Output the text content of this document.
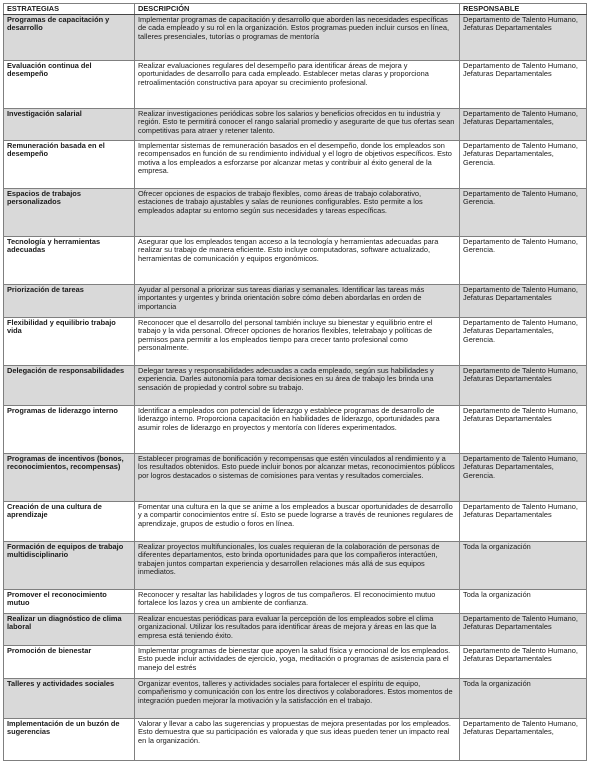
ESTRATEGIAS	DESCRIPCIÓN	RESPONSABLE
Programas de capacitación y desarrollo	Implementar programas de capacitación y desarrollo que aborden las necesidades específicas de cada empleado y su rol en la organización. Estos programas pueden incluir cursos en línea, talleres presenciales, tutorías o programas de mentoría	Departamento de Talento Humano, Jefaturas Departamentales
Evaluación continua del desempeño	Realizar evaluaciones regulares del desempeño para identificar áreas de mejora y oportunidades de desarrollo para cada empleado. Establecer metas claras y proporciona retroalimentación constructiva para apoyar su crecimiento profesional.	Departamento de Talento Humano, Jefaturas Departamentales
Investigación salarial	Realizar investigaciones periódicas sobre los salarios y beneficios ofrecidos en tu industria y región. Esto te permitirá conocer el rango salarial promedio y asegurarte de que tus ofertas sean competitivas para atraer y retener talento.	Departamento de Talento Humano, Jefaturas Departamentales,
Remuneración basada en el desempeño	Implementar sistemas de remuneración basados en el desempeño, donde los empleados son recompensados en función de su rendimiento individual y el logro de objetivos específicos. Esto motiva a los empleados a esforzarse por alcanzar metas y contribuir al éxito general de la empresa.	Departamento de Talento Humano, Jefaturas Departamentales, Gerencia.
Espacios de trabajos personalizados	Ofrecer opciones de espacios de trabajo flexibles, como áreas de trabajo colaborativo, estaciones de trabajo ajustables y salas de reuniones configurables. Esto permite a los empleados adaptar su entorno según sus necesidades y tareas específicas.	Departamento de Talento Humano, Gerencia.
Tecnología y herramientas adecuadas	Asegurar que los empleados tengan acceso a la tecnología y herramientas adecuadas para realizar su trabajo de manera eficiente. Esto incluye computadoras, software actualizado, herramientas de comunicación y equipos ergonómicos.	Departamento de Talento Humano, Gerencia.
Priorización de tareas	Ayudar al personal a priorizar sus tareas diarias y semanales. Identificar las tareas más importantes y urgentes y brinda orientación sobre cómo deben abordarlas en orden de importancia	Departamento de Talento Humano, Jefaturas Departamentales
Flexibilidad y equilibrio trabajo vida	Reconocer que el desarrollo del personal también incluye su bienestar y equilibrio entre el trabajo y la vida personal. Ofrecer opciones de horarios flexibles, teletrabajo y políticas de permisos para permitir a los empleados tiempo para crecer tanto profesional como personalmente.	Departamento de Talento Humano, Jefaturas Departamentales, Gerencia.
Delegación de responsabilidades	Delegar tareas y responsabilidades adecuadas a cada empleado, según sus habilidades y experiencia. Darles autonomía para tomar decisiones en su área de trabajo les brinda una sensación de propiedad y control sobre su trabajo.	Departamento de Talento Humano, Jefaturas Departamentales
Programas de liderazgo interno	Identificar a empleados con potencial de liderazgo y establece programas de desarrollo de liderazgo interno. Proporciona capacitación en habilidades de liderazgo, oportunidades para asumir roles de liderazgo en proyectos y mentoría con líderes experimentados.	Departamento de Talento Humano, Jefaturas Departamentales
Programas de incentivos (bonos, reconocimientos, recompensas)	Establecer programas de bonificación y recompensas que estén vinculados al rendimiento y a los resultados obtenidos. Esto puede incluir bonos por alcanzar metas, reconocimientos públicos por logros destacados o sistemas de comisiones para ventas y resultados comerciales.	Departamento de Talento Humano, Jefaturas Departamentales, Gerencia.
Creación de una cultura de aprendizaje	Fomentar una cultura en la que se anime a los empleados a buscar oportunidades de desarrollo y a compartir conocimientos entre sí. Esto se puede lograrse a través de reuniones regulares de aprendizaje, grupos de estudio o foros en línea.	Departamento de Talento Humano, Jefaturas Departamentales
Formación de equipos de trabajo multidisciplinario	Realizar proyectos multifuncionales, los cuales requieran de la colaboración de personas de diferentes departamentos, esto brinda oportunidades para que los compañeros interactúen, trabajen juntos compartan experiencia y desarrollen relaciones más allá de sus equipos inmediatos.	Toda la organización
Promover el reconocimiento mutuo	Reconocer y resaltar las habilidades y logros de tus compañeros. El reconocimiento mutuo fortalece los lazos y crea un ambiente de confianza.	Toda la organización
Realizar un diagnóstico de clima laboral	Realizar encuestas periódicas para evaluar la percepción de los empleados sobre el clima organizacional. Utilizar los resultados para identificar áreas de mejora y áreas en las que la empresa está teniendo éxito.	Departamento de Talento Humano, Jefaturas Departamentales
Promoción de bienestar	Implementar programas de bienestar que apoyen la salud física y emocional de los empleados. Esto puede incluir actividades de ejercicio, yoga, meditación o programas de asistencia para el manejo del estrés	Departamento de Talento Humano, Jefaturas Departamentales
Talleres y actividades sociales	Organizar eventos, talleres y actividades sociales para fortalecer el espíritu de equipo, compañerismo y comunicación con los entre los directivos y colaboradores. Estos momentos de integración pueden mejorar la motivación y la satisfacción en el trabajo.	Toda la organización
Implementación de un buzón de sugerencias	Valorar y llevar a cabo las sugerencias y propuestas de mejora presentadas por los empleados. Esto demuestra que su participación es valorada y que sus ideas pueden tener un impacto real en la organización.	Departamento de Talento Humano, Jefaturas Departamentales,
